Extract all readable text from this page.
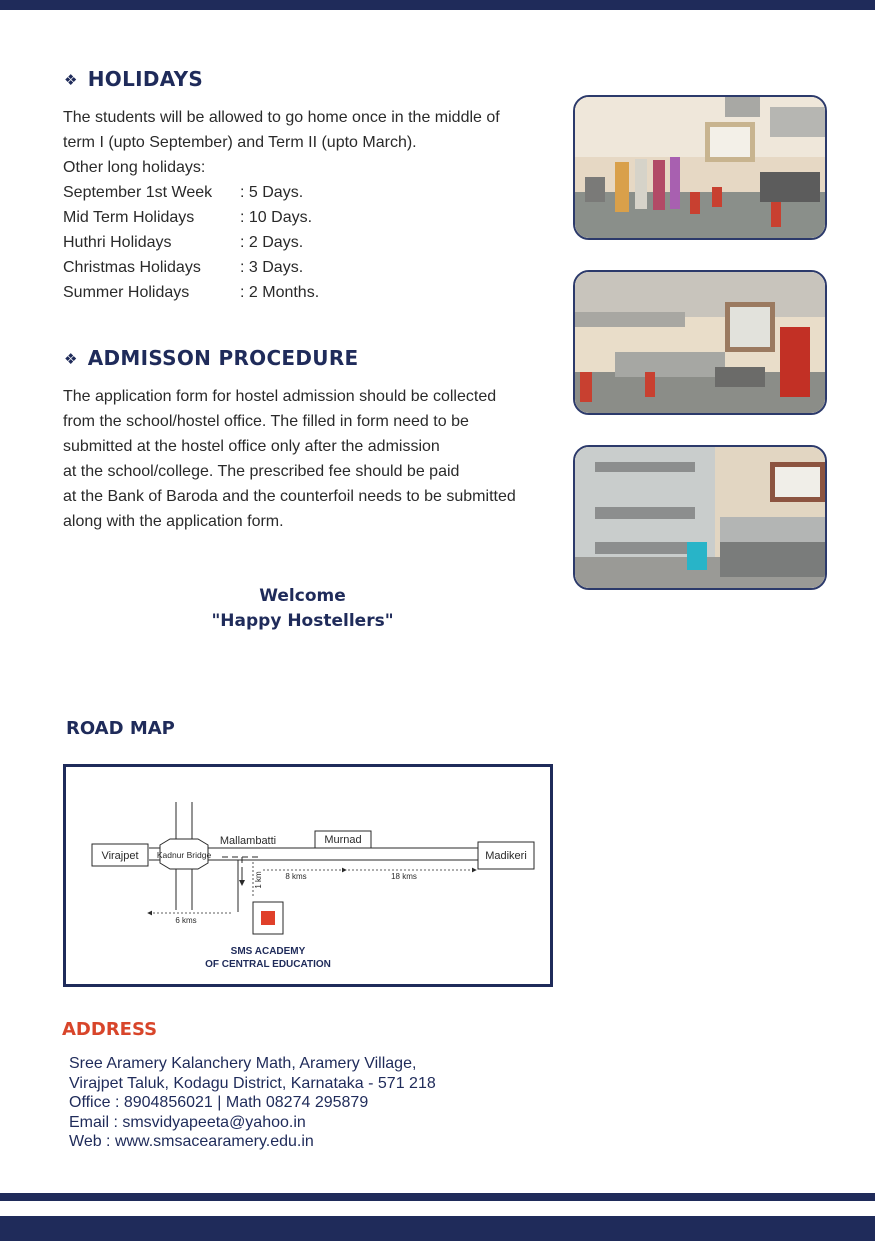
❖ HOLIDAYS
The students will be allowed to go home once in the middle of
term I (upto September) and Term II (upto March).
Other long holidays:
September 1st Week	: 5 Days.
Mid Term Holidays	: 10 Days.
Huthri Holidays	: 2 Days.
Christmas Holidays	: 3 Days.
Summer Holidays	: 2 Months.
❖ ADMISSON PROCEDURE
The application form for hostel admission should be collected
from the school/hostel office. The filled in form need to be
submitted at the hostel office only after the admission
at the school/college. The prescribed fee should be paid
at the Bank of Baroda and the counterfoil needs to be submitted
along with the application form.
Welcome
"Happy Hostellers"
ROAD MAP
Kadnur Bridge
Virajpet	Madikeri
Murnad
Mallambatti
1 km	8 kms	18 kms
6 kms
SMS ACADEMY
OF CENTRAL EDUCATION
ADDRESS
Sree Aramery Kalanchery Math, Aramery Village,
Virajpet Taluk, Kodagu District, Karnataka - 571 218
Office : 8904856021 | Math 08274 295879
Email : smsvidyapeeta@yahoo.in
Web : www.smsacearamery.edu.in
